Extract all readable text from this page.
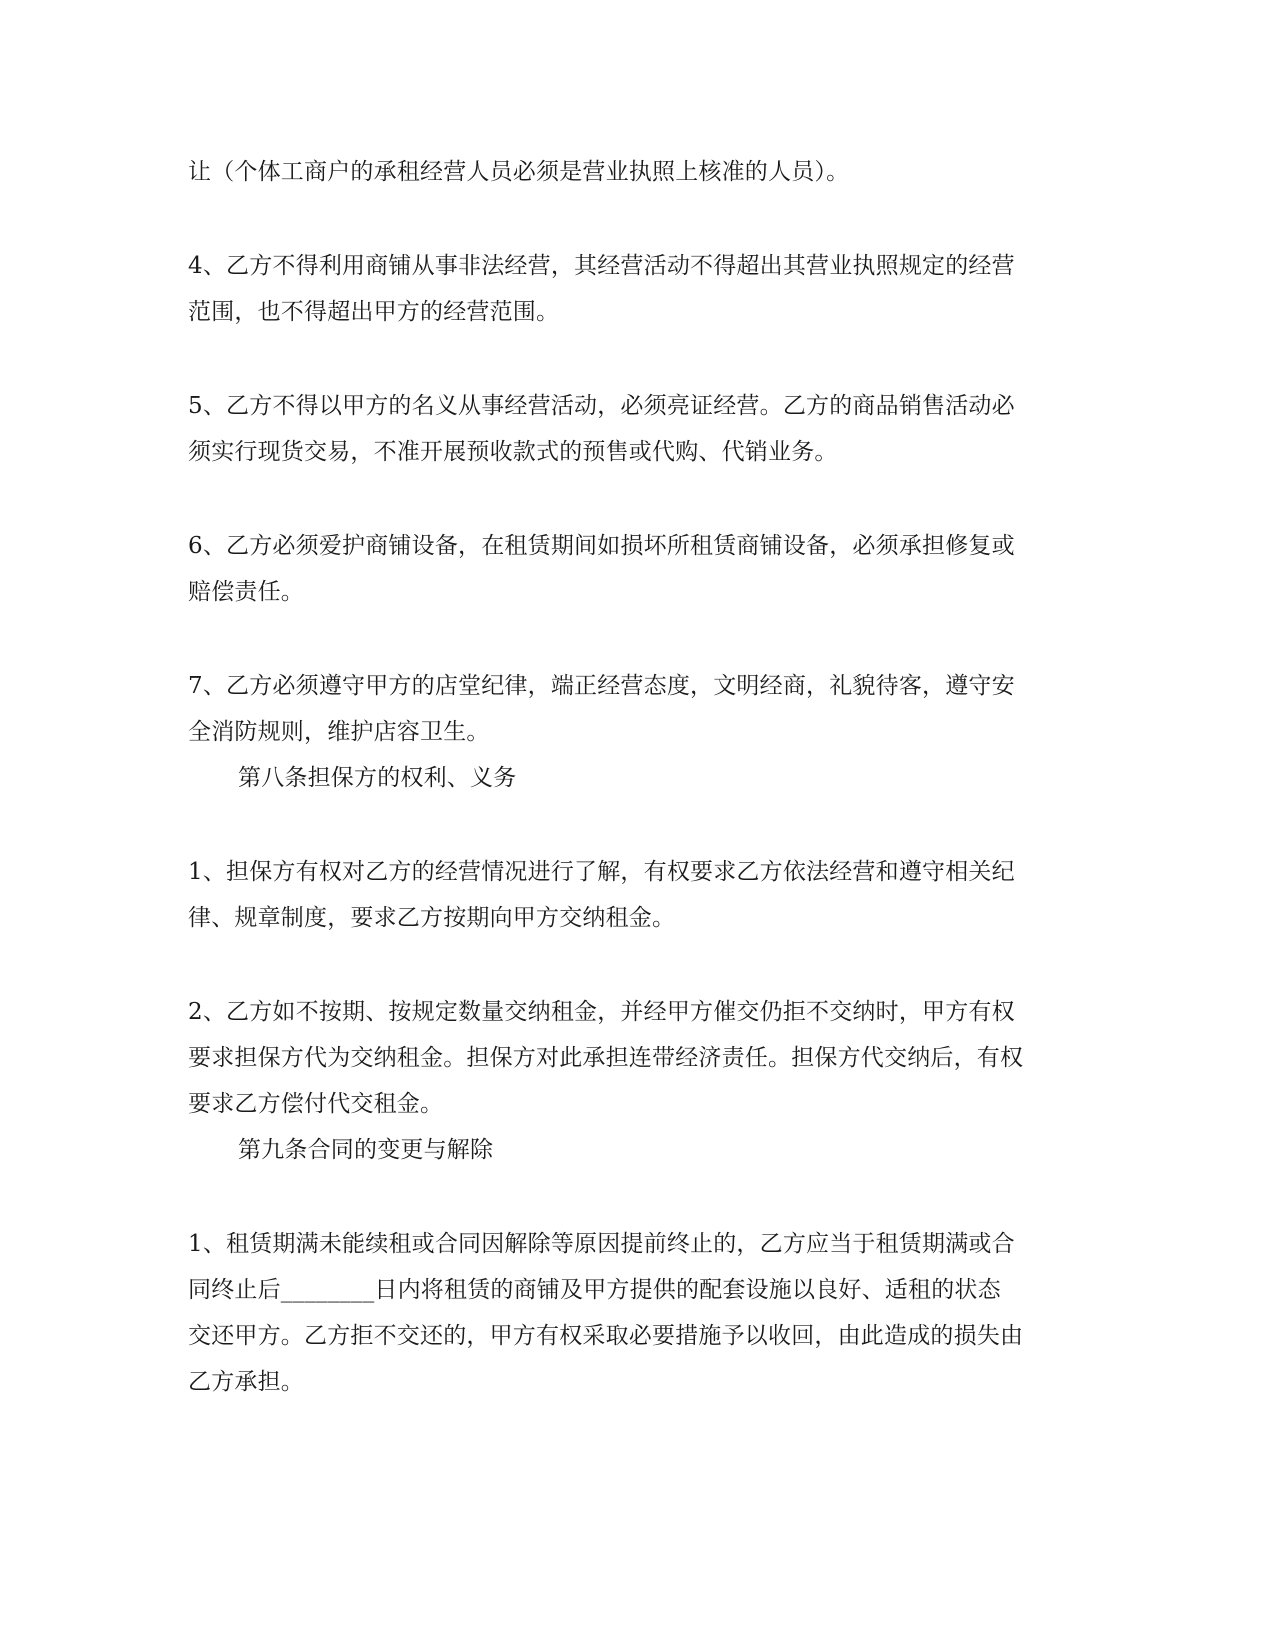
让（个体工商户的承租经营人员必须是营业执照上核准的人员）。
4、乙方不得利用商铺从事非法经营，其经营活动不得超出其营业执照规定的经营
范围，也不得超出甲方的经营范围。
5、乙方不得以甲方的名义从事经营活动，必须亮证经营。乙方的商品销售活动必
须实行现货交易，不准开展预收款式的预售或代购、代销业务。
6、乙方必须爱护商铺设备，在租赁期间如损坏所租赁商铺设备，必须承担修复或
赔偿责任。
7、乙方必须遵守甲方的店堂纪律，端正经营态度，文明经商，礼貌待客，遵守安
全消防规则，维护店容卫生。
第八条担保方的权利、义务
1、担保方有权对乙方的经营情况进行了解，有权要求乙方依法经营和遵守相关纪
律、规章制度，要求乙方按期向甲方交纳租金。
2、乙方如不按期、按规定数量交纳租金，并经甲方催交仍拒不交纳时，甲方有权
要求担保方代为交纳租金。担保方对此承担连带经济责任。担保方代交纳后，有权
要求乙方偿付代交租金。
第九条合同的变更与解除
1、租赁期满未能续租或合同因解除等原因提前终止的，乙方应当于租赁期满或合
同终止后________日内将租赁的商铺及甲方提供的配套设施以良好、适租的状态
交还甲方。乙方拒不交还的，甲方有权采取必要措施予以收回，由此造成的损失由
乙方承担。
